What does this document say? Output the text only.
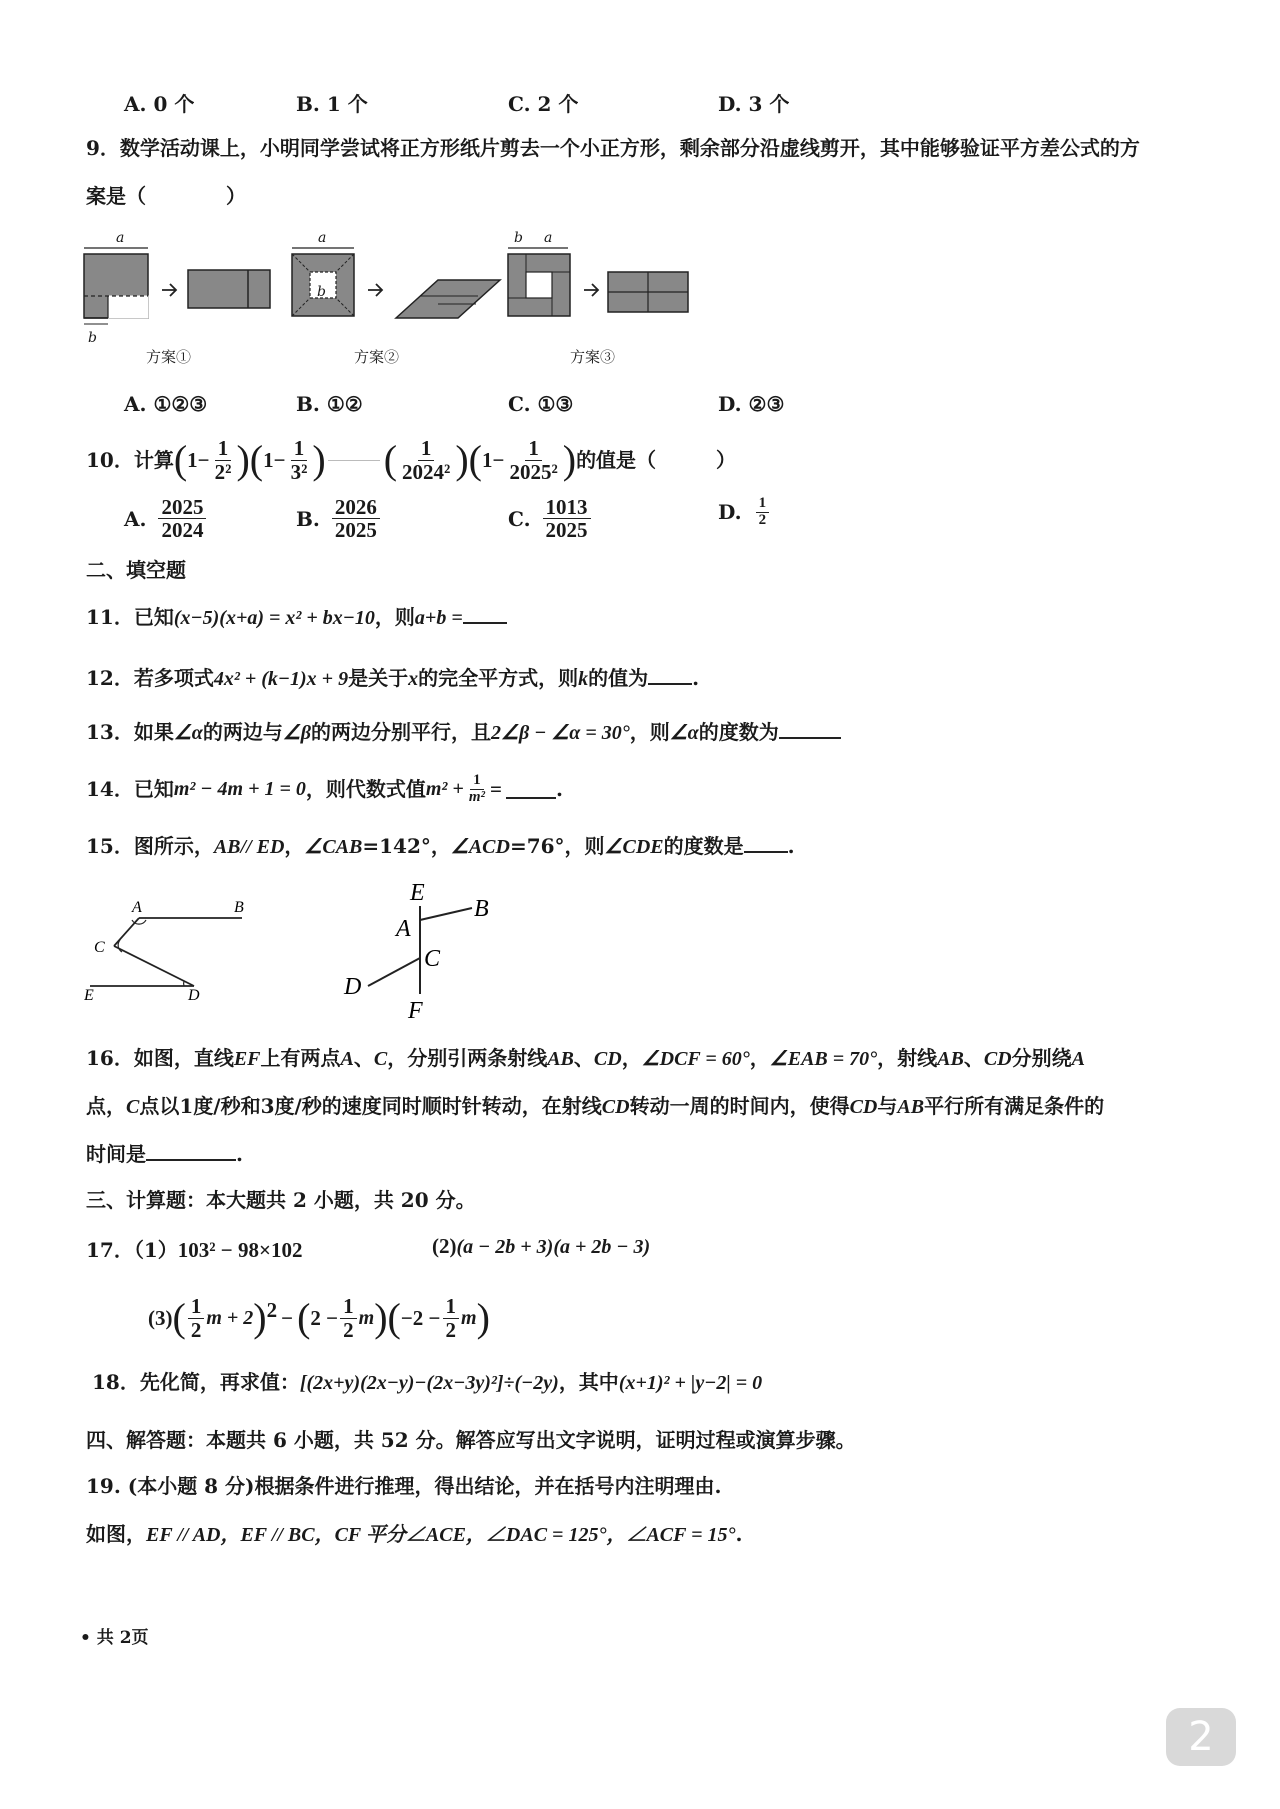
A. 0 个	B. 1 个	C. 2 个	D. 3 个
9．数学活动课上，小明同学尝试将正方形纸片剪去一个小正方形，剩余部分沿虚线剪开，其中能够验证平方差公式的方
案是（　　　　）
a
b
a
b
b a
方案①	方案②	方案③
A. ①②③	B. ①②	C. ①③	D. ②③
10．计算 ( $1- \frac{1}{\text{2²}}$ ) ( $1- \frac{1}{\text{3²}}$ ) ( $\frac{1}{\text{2024²}}$ ) ( $1- \frac{1}{\text{2025²}}$ ) 的值是（　　　）
A. $\frac{2025}{2024}$	B. $\frac{2026}{2025}$	C. $\frac{1013}{2025}$	D. $\frac{1}{2}$
二、填空题
11．已知(x−5)(x+a) = x² + bx−10，则a+b =
12．若多项式4x² + (k−1)x + 9是关于x的完全平方式，则k的值为 .
13．如果∠α的两边与∠β的两边分别平行，且2∠β − ∠α = 30°，则∠α的度数为
14．已知 m² − 4m + 1 = 0 ，则代数式值 $m^2 + \frac{1}{\text{m²}}$ =	.
15．图所示，AB// ED，∠CAB=142°，∠ACD=76°，则∠CDE的度数是 .
A	B
C
E	D
E
B
A
C
D
F
16．如图，直线EF上有两点A、C，分别引两条射线AB、CD，∠DCF = 60°，∠EAB = 70°，射线AB、CD分别绕A
点，C点以1度/秒和3度/秒的速度同时顺时针转动，在射线CD转动一周的时间内，使得CD与AB平行所有满足条件的
时间是	.
三、计算题：本大题共 2 小题，共 20 分。
17．（1）103² − 98×102	(2)(a − 2b + 3)(a + 2b − 3)
(3) ( $\frac{1}{2}$ m + 2 ) 2 − ( $2 - \frac{1}{2}$ m ) ( $-2 - \frac{1}{2}$ m )
18．先化简，再求值：[(2x+y)(2x−y)−(2x−3y)²]÷(−2y)，其中(x+1)² + |y−2| = 0
四、解答题：本题共 6 小题，共 52 分。解答应写出文字说明，证明过程或演算步骤。
19. (本小题 8 分)根据条件进行推理，得出结论，并在括号内注明理由.
如图，EF // AD，EF // BC，CF 平分∠ACE，∠DAC = 125°，∠ACF = 15°.
• 共 2页
2
